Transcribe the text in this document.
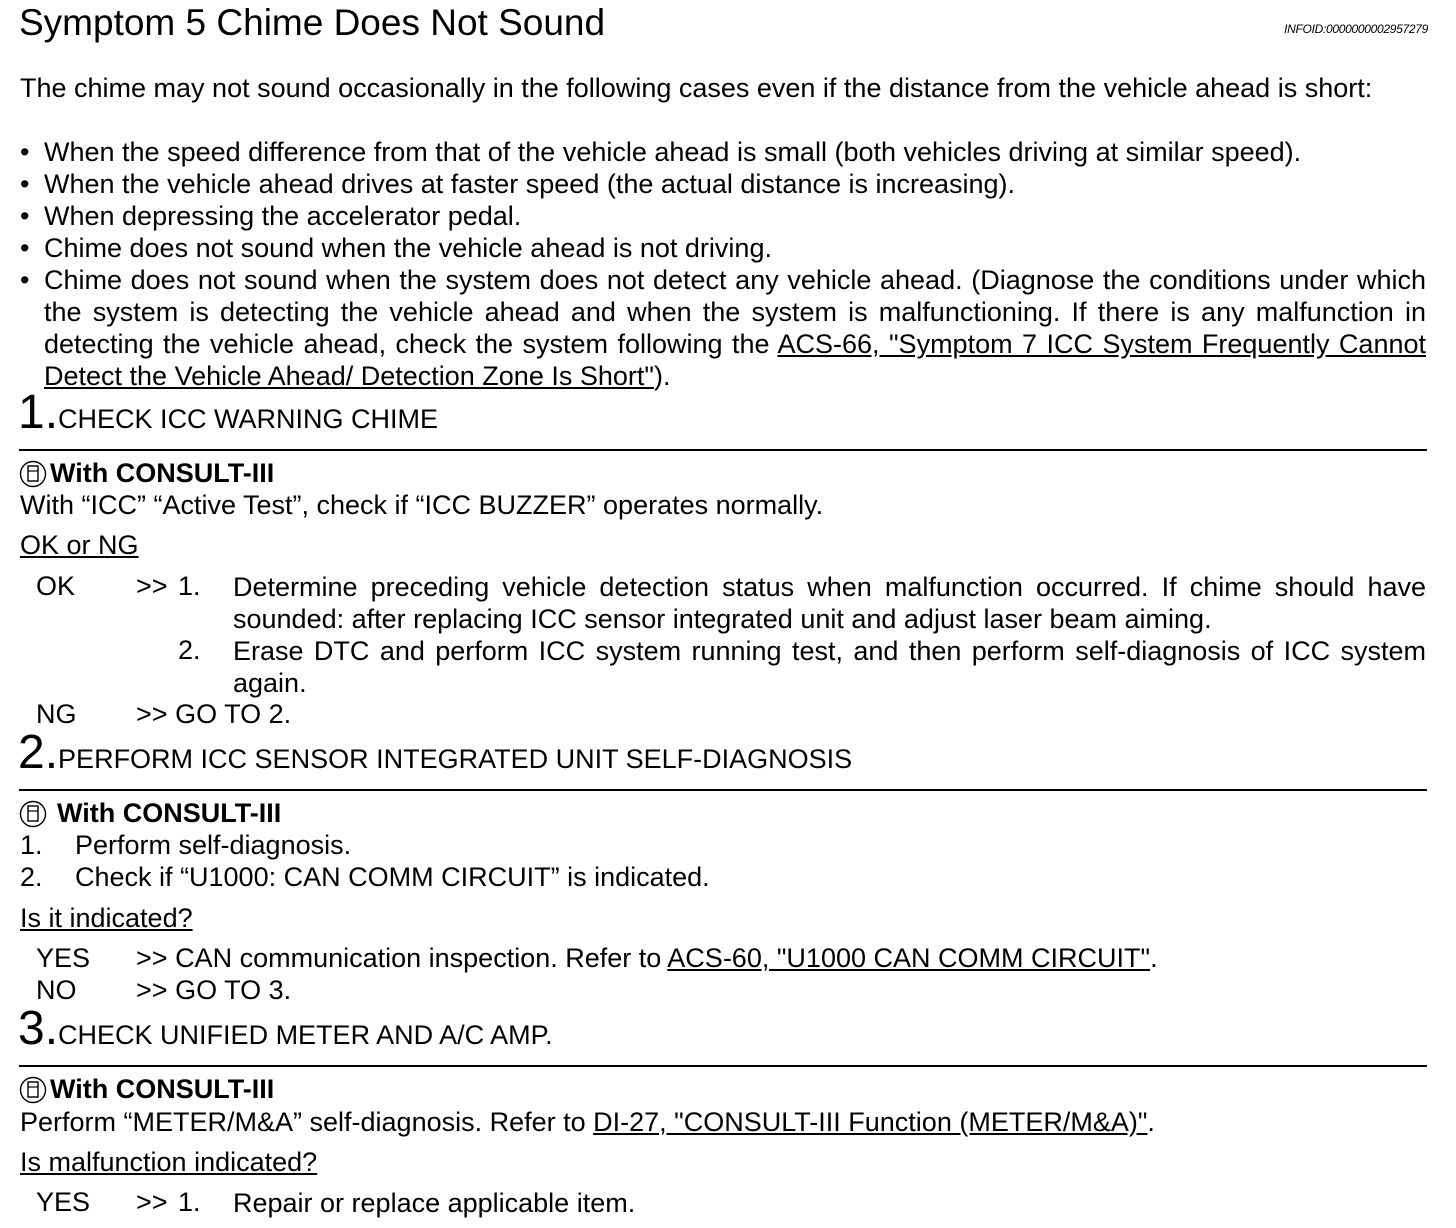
Symptom 5 Chime Does Not Sound	INFOID:0000000002957279
The chime may not sound occasionally in the following cases even if the distance from the vehicle ahead is short:
• When the speed difference from that of the vehicle ahead is small (both vehicles driving at similar speed).
• When the vehicle ahead drives at faster speed (the actual distance is increasing).
• When depressing the accelerator pedal.
• Chime does not sound when the vehicle ahead is not driving.
• Chime does not sound when the system does not detect any vehicle ahead. (Diagnose the conditions under which the system is detecting the vehicle ahead and when the system is malfunctioning. If there is any malfunction in detecting the vehicle ahead, check the system following the ACS-66, "Symptom 7 ICC System Frequently Cannot Detect the Vehicle Ahead/ Detection Zone Is Short").
1.CHECK ICC WARNING CHIME
With CONSULT-III
With “ICC” “Active Test”, check if “ICC BUZZER” operates normally.
OK or NG
OK >> 1. Determine preceding vehicle detection status when malfunction occurred. If chime should have sounded: after replacing ICC sensor integrated unit and adjust laser beam aiming.
2. Erase DTC and perform ICC system running test, and then perform self-diagnosis of ICC system again.
NG >> GO TO 2.
2.PERFORM ICC SENSOR INTEGRATED UNIT SELF-DIAGNOSIS
With CONSULT-III
1. Perform self-diagnosis.
2. Check if “U1000: CAN COMM CIRCUIT” is indicated.
Is it indicated?
YES >> CAN communication inspection. Refer to ACS-60, "U1000 CAN COMM CIRCUIT".
NO >> GO TO 3.
3.CHECK UNIFIED METER AND A/C AMP.
With CONSULT-III
Perform “METER/M&A” self-diagnosis. Refer to DI-27, "CONSULT-III Function (METER/M&A)".
Is malfunction indicated?
YES >> 1. Repair or replace applicable item.
